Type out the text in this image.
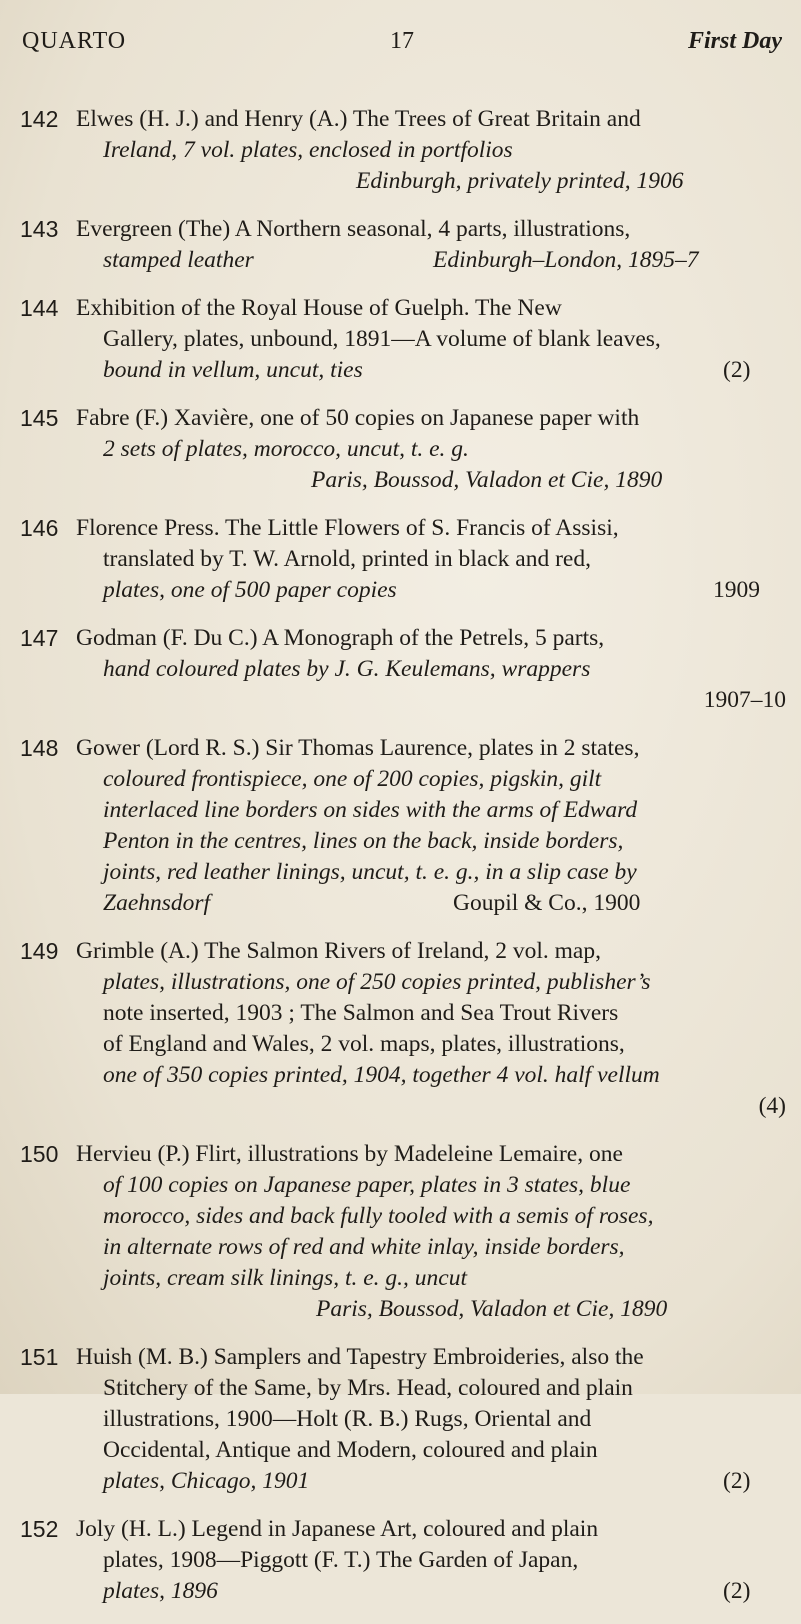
QUARTO	17	First Day
142 Elwes (H. J.) and Henry (A.) The Trees of Great Britain and
Ireland, 7 vol. plates, enclosed in portfolios
Edinburgh, privately printed, 1906
143 Evergreen (The) A Northern seasonal, 4 parts, illustrations,
stamped leather	Edinburgh–London, 1895–7
144 Exhibition of the Royal House of Guelph. The New
Gallery, plates, unbound, 1891—A volume of blank leaves,
bound in vellum, uncut, ties	(2)
145 Fabre (F.) Xavière, one of 50 copies on Japanese paper with
2 sets of plates, morocco, uncut, t. e. g.
Paris, Boussod, Valadon et Cie, 1890
146 Florence Press. The Little Flowers of S. Francis of Assisi,
translated by T. W. Arnold, printed in black and red,
plates, one of 500 paper copies	1909
147 Godman (F. Du C.) A Monograph of the Petrels, 5 parts,
hand coloured plates by J. G. Keulemans, wrappers
1907–10
148 Gower (Lord R. S.) Sir Thomas Laurence, plates in 2 states,
coloured frontispiece, one of 200 copies, pigskin, gilt
interlaced line borders on sides with the arms of Edward
Penton in the centres, lines on the back, inside borders,
joints, red leather linings, uncut, t. e. g., in a slip case by
Zaehnsdorf	Goupil & Co., 1900
149 Grimble (A.) The Salmon Rivers of Ireland, 2 vol. map,
plates, illustrations, one of 250 copies printed, publisher’s
note inserted, 1903 ; The Salmon and Sea Trout Rivers
of England and Wales, 2 vol. maps, plates, illustrations,
one of 350 copies printed, 1904, together 4 vol. half vellum
(4)
150 Hervieu (P.) Flirt, illustrations by Madeleine Lemaire, one
of 100 copies on Japanese paper, plates in 3 states, blue
morocco, sides and back fully tooled with a semis of roses,
in alternate rows of red and white inlay, inside borders,
joints, cream silk linings, t. e. g., uncut
Paris, Boussod, Valadon et Cie, 1890
151 Huish (M. B.) Samplers and Tapestry Embroideries, also the
Stitchery of the Same, by Mrs. Head, coloured and plain
illustrations, 1900—Holt (R. B.) Rugs, Oriental and
Occidental, Antique and Modern, coloured and plain
plates, Chicago, 1901	(2)
152 Joly (H. L.) Legend in Japanese Art, coloured and plain
plates, 1908—Piggott (F. T.) The Garden of Japan,
plates, 1896	(2)
